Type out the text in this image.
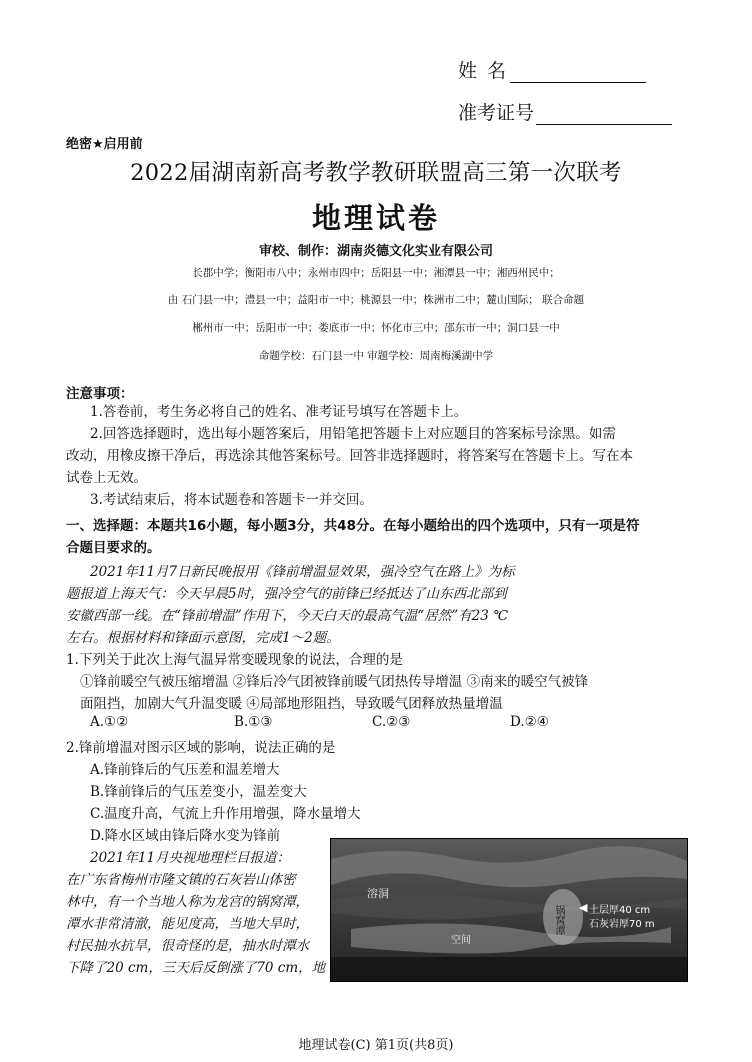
姓 名
准考证号
绝密★启用前
2022届湖南新高考教学教研联盟高三第一次联考
地理试卷
审校、制作：湖南炎德文化实业有限公司
长郡中学；衡阳市八中；永州市四中；岳阳县一中；湘潭县一中；湘西州民中；
由 石门县一中；澧县一中；益阳市一中；桃源县一中；株洲市二中；麓山国际； 联合命题
郴州市一中；岳阳市一中；娄底市一中；怀化市三中；邵东市一中；洞口县一中
命题学校：石门县一中 审题学校：周南梅溪湖中学
注意事项：
1.答卷前，考生务必将自己的姓名、准考证号填写在答题卡上。
2.回答选择题时，选出每小题答案后，用铅笔把答题卡上对应题目的答案标号涂黑。如需
改动，用橡皮擦干净后，再选涂其他答案标号。回答非选择题时，将答案写在答题卡上。写在本
试卷上无效。
3.考试结束后，将本试题卷和答题卡一并交回。
一、选择题：本题共16小题，每小题3分，共48分。在每小题给出的四个选项中，只有一项是符
合题目要求的。
2021年11月7日新民晚报用《锋前增温显效果，强冷空气在路上》为标
题报道上海天气：今天早晨5时，强冷空气的前锋已经抵达了山东西北部到
安徽西部一线。在“锋前增温”作用下，今天白天的最高气温“居然”有23 ℃
左右。根据材料和锋面示意图，完成1～2题。
1.下列关于此次上海气温异常变暖现象的说法，合理的是
①锋前暖空气被压缩增温 ②锋后冷气团被锋前暖气团热传导增温 ③南来的暖空气被锋
面阻挡，加剧大气升温变暖 ④局部地形阻挡，导致暖气团释放热量增温
A.①②	B.①③	C.②③	D.②④
2.锋前增温对图示区域的影响，说法正确的是
A.锋前锋后的气压差和温差增大
B.锋前锋后的气压差变小，温差变大
C.温度升高，气流上升作用增强，降水量增大
D.降水区域由锋后降水变为锋前
2021年11月央视地理栏目报道：
在广东省梅州市隆文镇的石灰岩山体密
林中，有一个当地人称为龙宫的锅窝潭，
潭水非常清澈，能见度高，当地大旱时，
村民抽水抗旱，很奇怪的是，抽水时潭水
下降了20 cm，三天后反倒涨了70 cm，地
溶洞
空间
锅窝潭	土层厚40 cm
石灰岩厚70 m
◀
地理试卷(C) 第1页(共8页)
